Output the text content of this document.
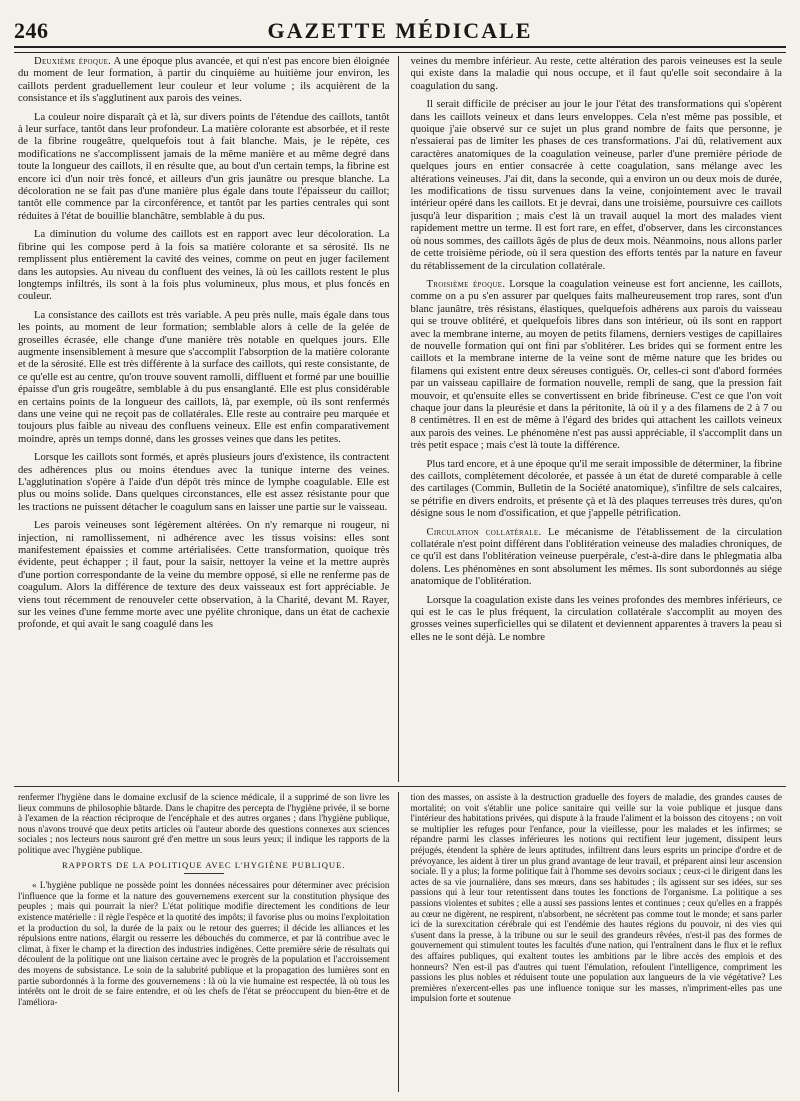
246	GAZETTE MÉDICALE

Deuxième époque. A une époque plus avancée, et qui n'est pas encore bien éloignée du moment de leur formation, à partir du cinquième au huitième jour environ, les caillots perdent graduellement leur couleur et leur volume ; ils acquièrent de la consistance et ils s'agglutinent aux parois des veines.

La couleur noire disparaît çà et là, sur divers points de l'étendue des caillots, tantôt à leur surface, tantôt dans leur profondeur. La matière colorante est absorbée, et il reste de la fibrine rougeâtre, quelquefois tout à fait blanche. Mais, je le répète, ces modifications ne s'accomplissent jamais de la même manière et au même degré dans toute la longueur des caillots, il en résulte que, au bout d'un certain temps, la fibrine est encore ici d'un noir très foncé, et ailleurs d'un gris jaunâtre ou presque blanche. La décoloration ne se fait pas d'une manière plus égale dans toute l'épaisseur du caillot; tantôt elle commence par la circonférence, et tantôt par les parties centrales qui sont réduites à l'état de bouillie blanchâtre, semblable à du pus.

La diminution du volume des caillots est en rapport avec leur décoloration. La fibrine qui les compose perd à la fois sa matière colorante et sa sérosité. Ils ne remplissent plus entièrement la cavité des veines, comme on peut en juger facilement dans les autopsies. Au niveau du confluent des veines, là où les caillots restent le plus longtemps infiltrés, ils sont à la fois plus volumineux, plus mous, et plus foncés en couleur.

La consistance des caillots est très variable. A peu près nulle, mais égale dans tous les points, au moment de leur formation; semblable alors à celle de la gelée de groseilles écrasée, elle change d'une manière très notable en quelques jours. Elle augmente insensiblement à mesure que s'accomplit l'absorption de la matière colorante et de la sérosité. Elle est très différente à la surface des caillots, qui reste consistante, de ce qu'elle est au centre, qu'on trouve souvent ramolli, diffluent et formé par une bouillie épaisse d'un gris rougeâtre, semblable à du pus ensanglanté. Elle est plus considérable en certains points de la longueur des caillots, là, par exemple, où ils sont renfermés dans une veine qui ne reçoit pas de collatérales. Elle reste au contraire peu marquée et toujours plus faible au niveau des confluens veineux. Elle est enfin comparativement moindre, après un temps donné, dans les grosses veines que dans les petites.

Lorsque les caillots sont formés, et après plusieurs jours d'existence, ils contractent des adhérences plus ou moins étendues avec la tunique interne des veines. L'agglutination s'opère à l'aide d'un dépôt très mince de lymphe coagulable. Elle est plus ou moins solide. Dans quelques circonstances, elle est assez résistante pour que les tractions ne puissent détacher le coagulum sans en laisser une partie sur le vaisseau.

Les parois veineuses sont légèrement altérées. On n'y remarque ni rougeur, ni injection, ni ramollissement, ni adhérence avec les tissus voisins: elles sont manifestement épaissies et comme artérialisées. Cette transformation, quoique très évidente, peut échapper ; il faut, pour la saisir, nettoyer la veine et la mettre auprès d'une portion correspondante de la veine du membre opposé, si elle ne renferme pas de coagulum. Alors la différence de texture des deux vaisseaux est fort appréciable. Je viens tout récemment de renouveler cette observation, à la Charité, devant M. Rayer, sur les veines d'une femme morte avec une pyélite chronique, dans un état de cachexie profonde, et qui avait le sang coagulé dans les

veines du membre inférieur. Au reste, cette altération des parois veineuses est la seule qui existe dans la maladie qui nous occupe, et il faut qu'elle soit secondaire à la coagulation du sang.

Il serait difficile de préciser au jour le jour l'état des transformations qui s'opèrent dans les caillots veineux et dans leurs enveloppes. Cela n'est même pas possible, et quoique j'aie observé sur ce sujet un plus grand nombre de faits que personne, je n'essaierai pas de limiter les phases de ces transformations. J'ai dû, relativement aux caractères anatomiques de la coagulation veineuse, parler d'une première période de quelques jours en entier consacrée à cette coagulation, sans mélange avec les altérations veineuses. J'ai dit, dans la seconde, qui a environ un ou deux mois de durée, les modifications de tissu survenues dans la veine, conjointement avec le travail intérieur opéré dans les caillots. Et je devrai, dans une troisième, poursuivre ces caillots jusqu'à leur disparition ; mais c'est là un travail auquel la mort des malades vient rapidement mettre un terme. Il est fort rare, en effet, d'observer, dans les circonstances où nous sommes, des caillots âgés de plus de deux mois. Néanmoins, nous allons parler de cette troisième période, où il sera question des efforts tentés par la nature en faveur du rétablissement de la circulation collatérale.

Troisième époque. Lorsque la coagulation veineuse est fort ancienne, les caillots, comme on a pu s'en assurer par quelques faits malheureusement trop rares, sont d'un blanc jaunâtre, très résistans, élastiques, quelquefois adhérens aux parois du vaisseau qui se trouve oblitéré, et quelquefois libres dans son intérieur, où ils sont en rapport avec la membrane interne, au moyen de petits filamens, derniers vestiges de capillaires de nouvelle formation qui ont fini par s'oblitérer. Les brides qui se forment entre les caillots et la membrane interne de la veine sont de même nature que les brides ou filamens qui existent entre deux séreuses contiguës. Or, celles-ci sont d'abord formées par un vaisseau capillaire de formation nouvelle, rempli de sang, que la pression fait mouvoir, et qu'ensuite elles se convertissent en bride fibrineuse. C'est ce que l'on voit chaque jour dans la pleurésie et dans la péritonite, là où il y a des filamens de 2 à 7 ou 8 centimètres. Il en est de même à l'égard des brides qui attachent les caillots veineux aux parois des veines. Le phénomène n'est pas aussi appréciable, il s'accomplit dans un très petit espace ; mais c'est là toute la différence.

Plus tard encore, et à une époque qu'il me serait impossible de déterminer, la fibrine des caillots, complètement décolorée, et passée à un état de dureté comparable à celle des cartilages (Commin, Bulletin de la Société anatomique), s'infiltre de sels calcaires, se pétrifie en divers endroits, et présente çà et là des plaques terreuses très dures, qu'on désigne sous le nom d'ossification, et que j'appelle pétrification.

Circulation collatérale. Le mécanisme de l'établissement de la circulation collatérale n'est point différent dans l'oblitération veineuse des maladies chroniques, de ce qu'il est dans l'oblitération veineuse puerpérale, c'est-à-dire dans le phlegmatia alba dolens. Les phénomènes en sont absolument les mêmes. Ils sont subordonnés au siége anatomique de l'oblitération.

Lorsque la coagulation existe dans les veines profondes des membres inférieurs, ce qui est le cas le plus fréquent, la circulation collatérale s'accomplit au moyen des grosses veines superficielles qui se dilatent et deviennent apparentes à travers la peau si elles ne le sont déjà. Le nombre

renfermer l'hygiène dans le domaine exclusif de la science médicale, il a supprimé de son livre les lieux communs de philosophie bâtarde. Dans le chapitre des percepta de l'hygiène privée, il se borne à l'examen de la réaction réciproque de l'encéphale et des autres organes ; dans l'hygiène publique, nous n'avons trouvé que deux petits articles où l'auteur aborde des questions connexes aux sciences sociales ; nos lecteurs nous sauront gré d'en mettre un sous leurs yeux; il indique les rapports de la politique avec l'hygiène publique.

RAPPORTS DE LA POLITIQUE AVEC L'HYGIÈNE PUBLIQUE.

« L'hygiène publique ne possède point les données nécessaires pour déterminer avec précision l'influence que la forme et la nature des gouvernemens exercent sur la constitution physique des peuples ; mais qui pourrait la nier? L'état politique modifie directement les conditions de leur existence matérielle : il règle l'espèce et la quotité des impôts; il favorise plus ou moins l'exploitation et la production du sol, la durée de la paix ou le retour des guerres; il décide les alliances et les répulsions entre nations, élargit ou resserre les débouchés du commerce, et par là contribue avec le climat, à fixer le champ et la direction des industries indigènes. Cette première série de résultats qui découlent de la politique ont une liaison certaine avec le progrès de la population et l'accroissement des moyens de subsistance. Le soin de la salubrité publique et la propagation des lumières sont en partie subordonnés à la forme des gouvernemens : là où la vie humaine est respectée, là où tous les intérêts ont le droit de se faire entendre, et où les chefs de l'état se préoccupent du bien-être et de l'améliora-

tion des masses, on assiste à la destruction graduelle des foyers de maladie, des grandes causes de mortalité; on voit s'établir une police sanitaire qui veille sur la voie publique et jusque dans l'intérieur des habitations privées, qui dispute à la fraude l'aliment et la boisson des citoyens ; on voit se multiplier les refuges pour l'enfance, pour la vieillesse, pour les malades et les infirmes; se répandre parmi les classes inférieures les notions qui rectifient leur jugement, dissipent leurs préjugés, étendent la sphère de leurs aptitudes, infiltrent dans leurs esprits un principe d'ordre et de prévoyance, les aident à tirer un plus grand avantage de leur travail, et préparent ainsi leur ascension sociale. Il y a plus; la forme politique fait à l'homme ses devoirs sociaux ; ceux-ci le dirigent dans les actes de sa vie journalière, dans ses mœurs, dans ses habitudes ; ils agissent sur ses idées, sur ses passions qui à leur tour retentissent dans toutes les fonctions de l'organisme. La politique a ses passions violentes et subites ; elle a aussi ses passions lentes et continues ; ceux qu'elles en a frappés au cœur ne digèrent, ne respirent, n'absorbent, ne sécrètent pas comme tout le monde; et sans parler ici de la surexcitation cérébrale qui est l'endémie des hautes régions du pouvoir, ni des vies qui s'usent dans la presse, à la tribune ou sur le seuil des grandeurs rêvées, n'est-il pas des formes de gouvernement qui stimulent toutes les facultés d'une nation, qui l'entraînent dans le flux et le reflux des affaires publiques, qui exaltent toutes les ambitions par le libre accès des emplois et des honneurs? N'en est-il pas d'autres qui tuent l'émulation, refoulent l'intelligence, compriment les passions les plus nobles et réduisent toute une population aux langueurs de la vie végétative? Les premières n'exercent-elles pas une influence tonique sur les masses, n'impriment-elles pas une impulsion forte et soutenue
